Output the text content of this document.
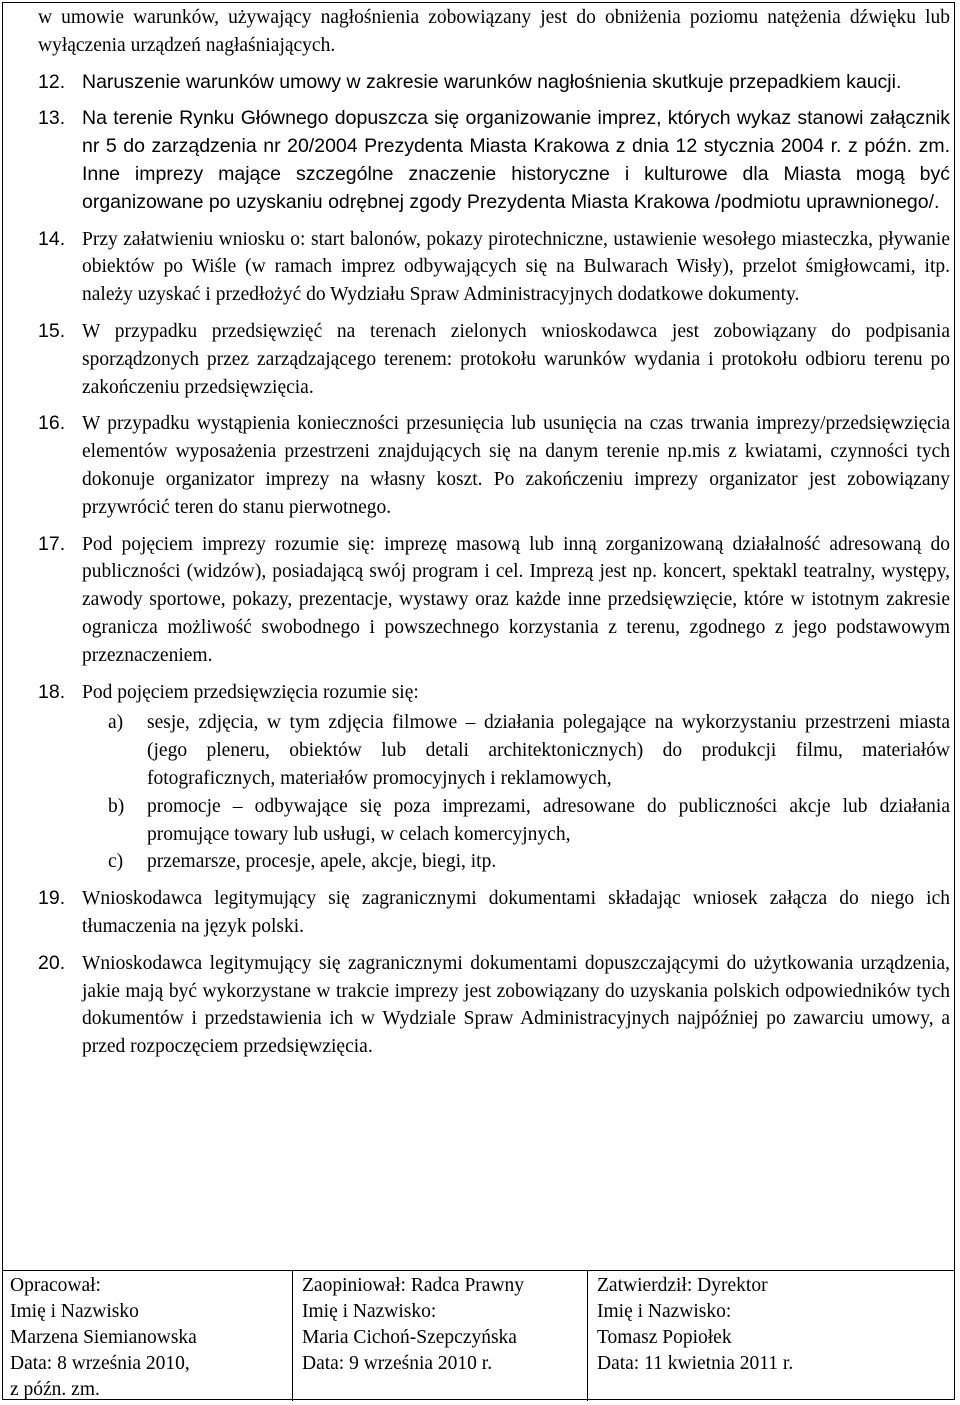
w umowie warunków, używający nagłośnienia zobowiązany jest do obniżenia poziomu natężenia dźwięku lub wyłączenia urządzeń nagłaśniających.

12. Naruszenie warunków umowy w zakresie warunków nagłośnienia skutkuje przepadkiem kaucji.
13. Na terenie Rynku Głównego dopuszcza się organizowanie imprez, których wykaz stanowi załącznik nr 5 do zarządzenia nr 20/2004 Prezydenta Miasta Krakowa z dnia 12 stycznia 2004 r. z późn. zm. Inne imprezy mające szczególne znaczenie historyczne i kulturowe dla Miasta mogą być organizowane po uzyskaniu odrębnej zgody Prezydenta Miasta Krakowa /podmiotu uprawnionego/.
14. Przy załatwieniu wniosku o: start balonów, pokazy pirotechniczne, ustawienie wesołego miasteczka, pływanie obiektów po Wiśle (w ramach imprez odbywających się na Bulwarach Wisły), przelot śmigłowcami, itp. należy uzyskać i przedłożyć do Wydziału Spraw Administracyjnych dodatkowe dokumenty.
15. W przypadku przedsięwzięć na terenach zielonych wnioskodawca jest zobowiązany do podpisania sporządzonych przez zarządzającego terenem: protokołu warunków wydania i protokołu odbioru terenu po zakończeniu przedsięwzięcia.
16. W przypadku wystąpienia konieczności przesunięcia lub usunięcia na czas trwania imprezy/przedsięwzięcia elementów wyposażenia przestrzeni znajdujących się na danym terenie np.mis z kwiatami, czynności tych dokonuje organizator imprezy na własny koszt. Po zakończeniu imprezy organizator jest zobowiązany przywrócić teren do stanu pierwotnego.
17. Pod pojęciem imprezy rozumie się: imprezę masową lub inną zorganizowaną działalność adresowaną do publiczności (widzów), posiadającą swój program i cel. Imprezą jest np. koncert, spektakl teatralny, występy, zawody sportowe, pokazy, prezentacje, wystawy oraz każde inne przedsięwzięcie, które w istotnym zakresie ogranicza możliwość swobodnego i powszechnego korzystania z terenu, zgodnego z jego podstawowym przeznaczeniem.
18. Pod pojęciem przedsięwzięcia rozumie się:
a) sesje, zdjęcia, w tym zdjęcia filmowe – działania polegające na wykorzystaniu przestrzeni miasta (jego pleneru, obiektów lub detali architektonicznych) do produkcji filmu, materiałów fotograficznych, materiałów promocyjnych i reklamowych,
b) promocje – odbywające się poza imprezami, adresowane do publiczności akcje lub działania promujące towary lub usługi, w celach komercyjnych,
c) przemarsze, procesje, apele, akcje, biegi, itp.
19. Wnioskodawca legitymujący się zagranicznymi dokumentami składając wniosek załącza do niego ich tłumaczenia na język polski.
20. Wnioskodawca legitymujący się zagranicznymi dokumentami dopuszczającymi do użytkowania urządzenia, jakie mają być wykorzystane w trakcie imprezy jest zobowiązany do uzyskania polskich odpowiedników tych dokumentów i przedstawienia ich w Wydziale Spraw Administracyjnych najpóźniej po zawarciu umowy, a przed rozpoczęciem przedsięwzięcia.
Opracował:
Imię i Nazwisko
Marzena Siemianowska
Data: 8 września 2010,
z późn. zm.
Zaopiniował: Radca Prawny
Imię i Nazwisko:
Maria Cichoń-Szepczyńska
Data: 9 września 2010 r.
Zatwierdził: Dyrektor
Imię i Nazwisko:
Tomasz Popiołek
Data: 11 kwietnia 2011 r.
